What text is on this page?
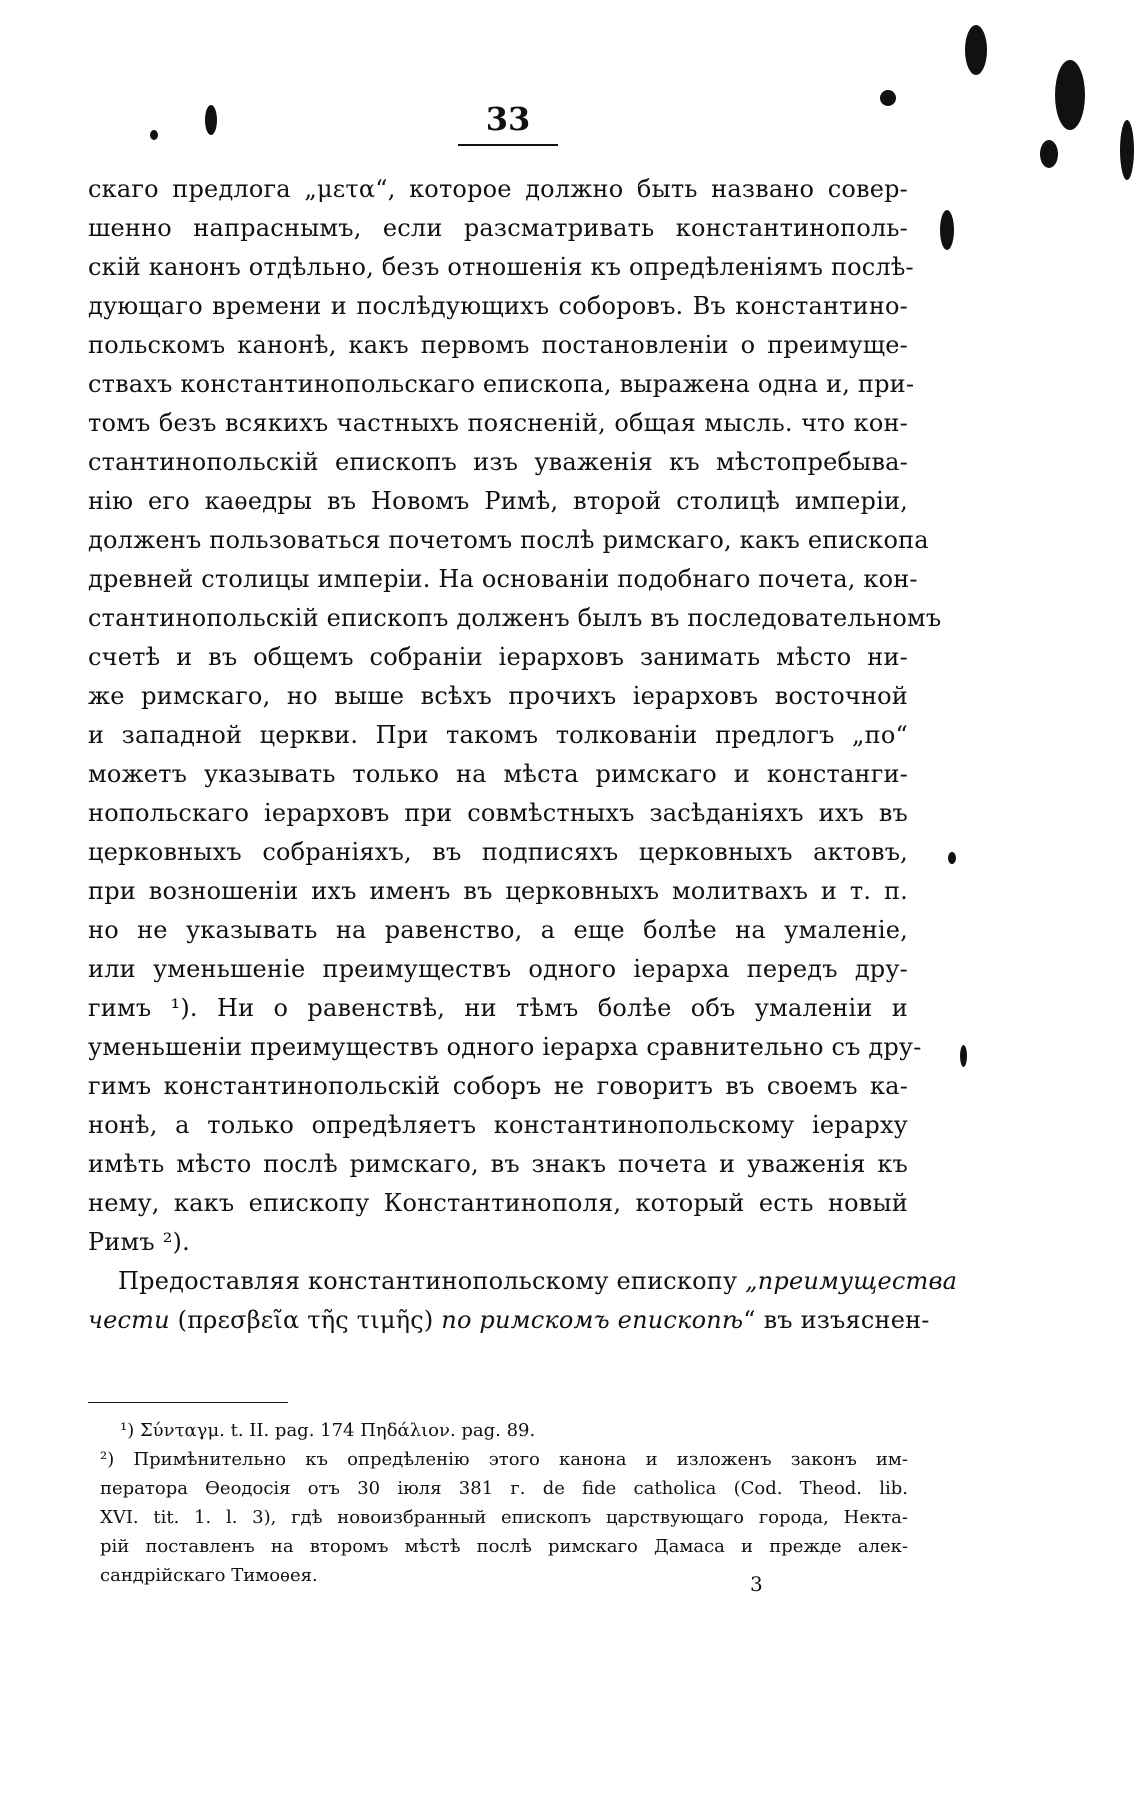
33
скаго предлога „μετα“, которое должно быть названо совер-
шенно напраснымъ, если разсматривать константинополь-
скій канонъ отдѣльно, безъ отношенія къ опредѣленіямъ послѣ-
дующаго времени и послѣдующихъ соборовъ. Въ константино-
польскомъ канонѣ, какъ первомъ постановленіи о преимуще-
ствахъ константинопольскаго епископа, выражена одна и, при-
томъ безъ всякихъ частныхъ поясненій, общая мысль. что кон-
стантинопольскій епископъ изъ уваженія къ мѣстопребыва-
нію его каѳедры въ Новомъ Римѣ, второй столицѣ имперіи,
долженъ пользоваться почетомъ послѣ римскаго, какъ епископа
древней столицы имперіи. На основаніи подобнаго почета, кон-
стантинопольскій епископъ долженъ былъ въ последовательномъ
счетѣ и въ общемъ собраніи іерарховъ занимать мѣсто ни-
же римскаго, но выше всѣхъ прочихъ іерарховъ восточной
и западной церкви. При такомъ толкованіи предлогъ „по“
можетъ указывать только на мѣста римскаго и констанги-
нопольскаго іерарховъ при совмѣстныхъ засѣданіяхъ ихъ въ
церковныхъ собраніяхъ, въ подписяхъ церковныхъ актовъ,
при возношеніи ихъ именъ въ церковныхъ молитвахъ и т. п.
но не указывать на равенство, а еще болѣе на умаленіе,
или уменьшеніе преимуществъ одного іерарха передъ дру-
гимъ ¹). Ни о равенствѣ, ни тѣмъ болѣе объ умаленіи и
уменьшеніи преимуществъ одного іерарха сравнительно съ дру-
гимъ константинопольскій соборъ не говоритъ въ своемъ ка-
нонѣ, а только опредѣляетъ константинопольскому іерарху
имѣть мѣсто послѣ римскаго, въ знакъ почета и уваженія къ
нему, какъ епископу Константинополя, который есть новый
Римъ ²).
Предоставляя константинопольскому епископу „преимущества
чести (πρεσβεῖα τῆς τιμῆς) по римскомъ епископѣ“ въ изъяснен-
¹) Σύνταγμ. t. II. pag. 174 Πηδάλιον. pag. 89.
²) Примѣнительно къ опредѣленію этого канона и изложенъ законъ им-
ператора Ѳеодосія отъ 30 іюля 381 г. de fide catholica (Cod. Theod. lib.
XVI. tit. 1. l. 3), гдѣ новоизбранный епископъ царствующаго города, Некта-
рій поставленъ на второмъ мѣстѣ послѣ римскаго Дамаса и прежде алек-
сандрійскаго Тимоѳея.	3
